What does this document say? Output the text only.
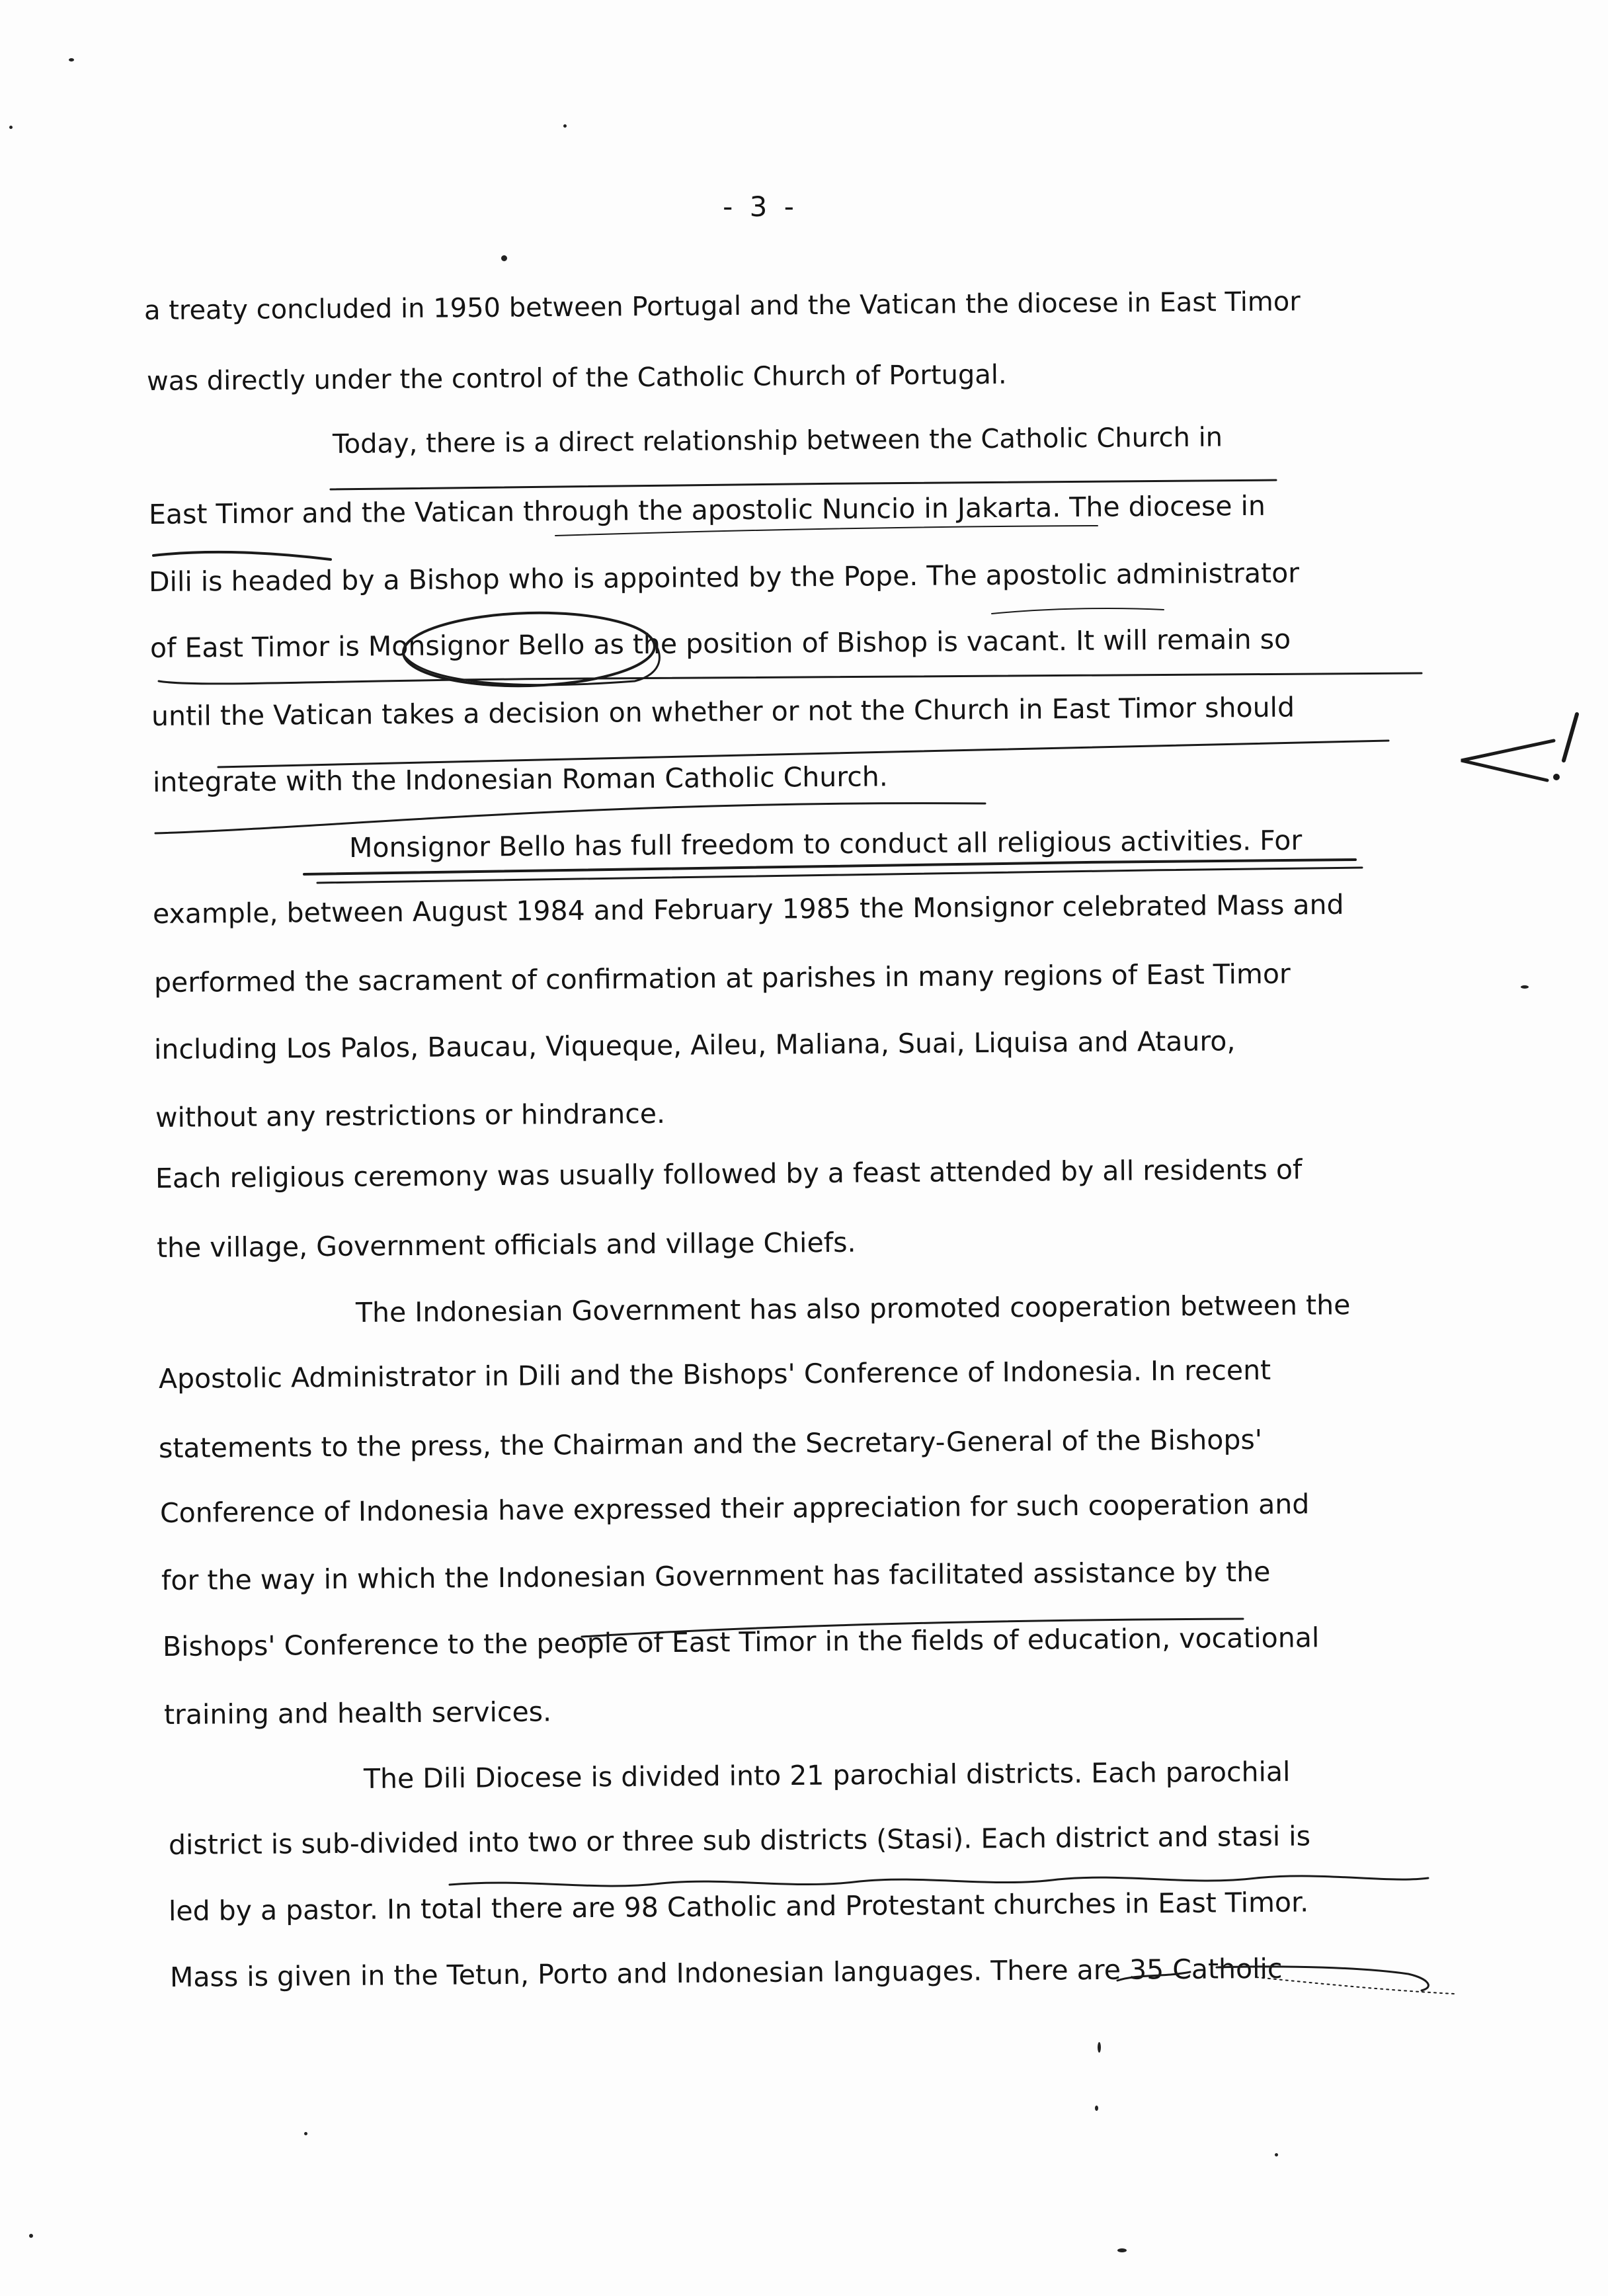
- 3 -
a treaty concluded in 1950 between Portugal and the Vatican the diocese in East Timor
was directly under the control of the Catholic Church of Portugal.
Today, there is a direct relationship between the Catholic Church in
East Timor and the Vatican through the apostolic Nuncio in Jakarta. The diocese in
Dili is headed by a Bishop who is appointed by the Pope. The apostolic administrator
of East Timor is Monsignor Bello as the position of Bishop is vacant. It will remain so
until the Vatican takes a decision on whether or not the Church in East Timor should
integrate with the Indonesian Roman Catholic Church.
Monsignor Bello has full freedom to conduct all religious activities. For
example, between August 1984 and February 1985 the Monsignor celebrated Mass and
performed the sacrament of confirmation at parishes in many regions of East Timor
including Los Palos, Baucau, Viqueque, Aileu, Maliana, Suai, Liquisa and Atauro,
without any restrictions or hindrance.
Each religious ceremony was usually followed by a feast attended by all residents of
the village, Government officials and village Chiefs.
The Indonesian Government has also promoted cooperation between the
Apostolic Administrator in Dili and the Bishops' Conference of Indonesia. In recent
statements to the press, the Chairman and the Secretary-General of the Bishops'
Conference of Indonesia have expressed their appreciation for such cooperation and
for the way in which the Indonesian Government has facilitated assistance by the
Bishops' Conference to the people of East Timor in the fields of education, vocational
training and health services.
The Dili Diocese is divided into 21 parochial districts. Each parochial
district is sub-divided into two or three sub districts (Stasi). Each district and stasi is
led by a pastor. In total there are 98 Catholic and Protestant churches in East Timor.
Mass is given in the Tetun, Porto and Indonesian languages. There are 35 Catholic
